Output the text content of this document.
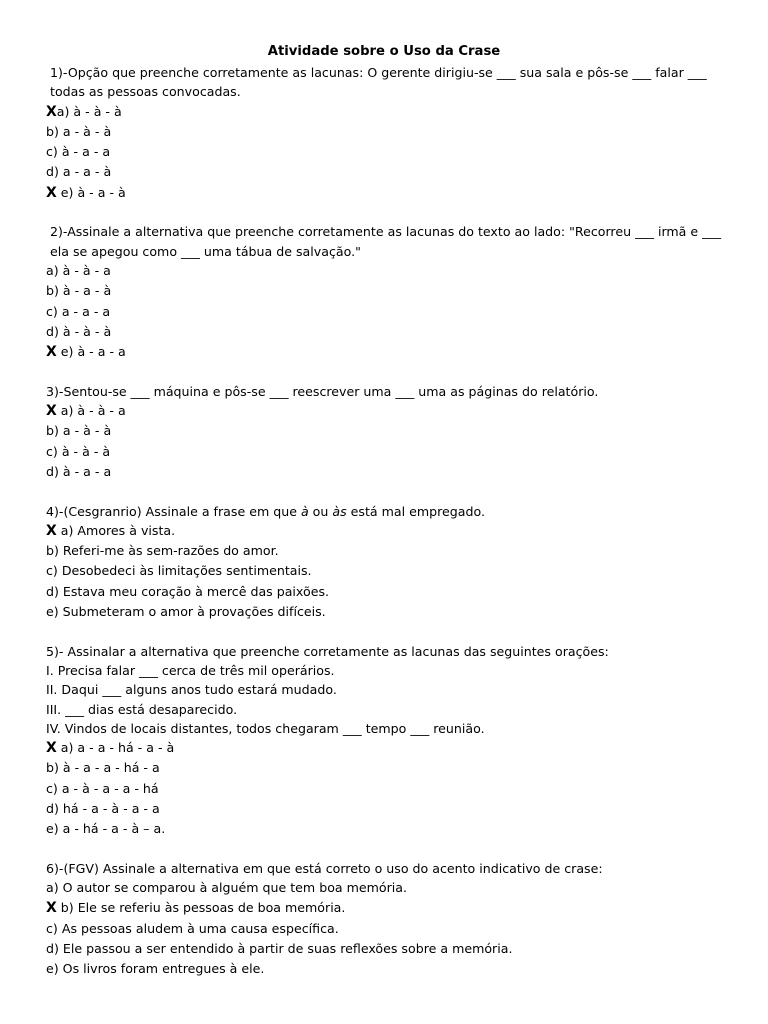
Atividade sobre o Uso da Crase
1)-Opção que preenche corretamente as lacunas: O gerente dirigiu-se ___ sua sala e pôs-se ___ falar ___ todas as pessoas convocadas.
Xa) à - à - à
b) a - à - à
c) à - a - a
d) a - a - à
X e) à - a - à
2)-Assinale a alternativa que preenche corretamente as lacunas do texto ao lado: "Recorreu ___ irmã e ___ ela se apegou como ___ uma tábua de salvação."
a) à - à - a
b) à - a - à
c) a - a - a
d) à - à - à
X e) à - a - a
3)-Sentou-se ___ máquina e pôs-se ___ reescrever uma ___ uma as páginas do relatório.
X a) à - à - a
b) a - à - à
c) à - à - à
d) à - a - a
4)-(Cesgranrio) Assinale a frase em que à ou às está mal empregado.
X a) Amores à vista.
b) Referi-me às sem-razões do amor.
c) Desobedeci às limitações sentimentais.
d) Estava meu coração à mercê das paixões.
e) Submeteram o amor à provações difíceis.
5)- Assinalar a alternativa que preenche corretamente as lacunas das seguintes orações:
I. Precisa falar ___ cerca de três mil operários.
II. Daqui ___ alguns anos tudo estará mudado.
III. ___ dias está desaparecido.
IV. Vindos de locais distantes, todos chegaram ___ tempo ___ reunião.
X a) a - a - há - a - à
b) à - a - a - há - a
c) a - à - a - a - há
d) há - a - à - a - a
e) a - há - a - à – a.
6)-(FGV) Assinale a alternativa em que está correto o uso do acento indicativo de crase:
a) O autor se comparou à alguém que tem boa memória.
X b) Ele se referiu às pessoas de boa memória.
c) As pessoas aludem à uma causa específica.
d) Ele passou a ser entendido à partir de suas reflexões sobre a memória.
e) Os livros foram entregues à ele.
